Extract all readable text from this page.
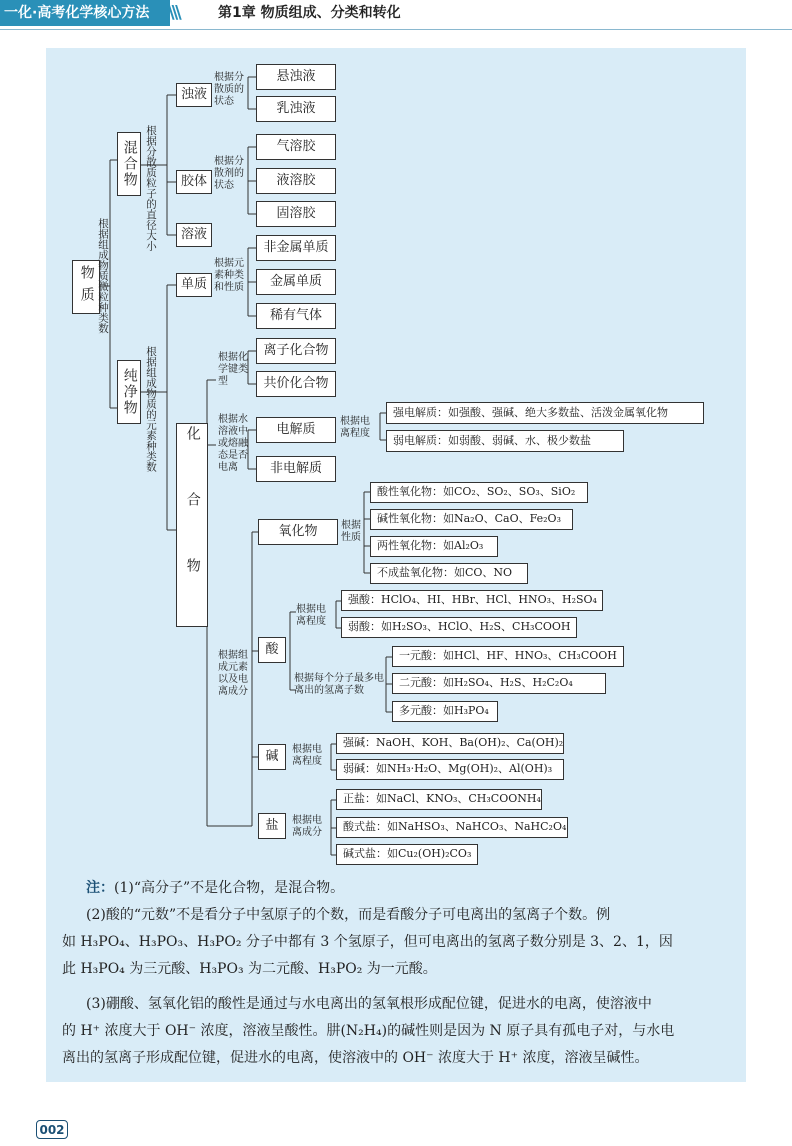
一化·高考化学核心方法	\\\	第1章 物质组成、分类和转化
物质 根据组成物质微粒种类数
混合物 根据分散质粒子的直径大小
浊液
根据分散质的状态
悬浊液
乳浊液
胶体
根据分散剂的状态
气溶胶
液溶胶
固溶胶
溶液
纯净物 根据组成物质的元素种类数
单质
根据元素种类和性质
非金属单质
金属单质
稀有气体
化合物
根据化学键类型
离子化合物
共价化合物
根据水溶液中或熔融态是否电离
电解质
非电解质
根据电离程度
强电解质：如强酸、强碱、绝大多数盐、活泼金属氧化物
弱电解质：如弱酸、弱碱、水、极少数盐
根据组成元素以及电离成分
氧化物	根据性质
酸性氧化物：如CO₂、SO₂、SO₃、SiO₂
碱性氧化物：如Na₂O、CaO、Fe₂O₃
两性氧化物：如Al₂O₃
不成盐氧化物：如CO、NO
酸
根据电离程度
强酸：HClO₄、HI、HBr、HCl、HNO₃、H₂SO₄
弱酸：如H₂SO₃、HClO、H₂S、CH₃COOH
根据每个分子最多电离出的氢离子数
一元酸：如HCl、HF、HNO₃、CH₃COOH
二元酸：如H₂SO₄、H₂S、H₂C₂O₄
多元酸：如H₃PO₄
碱	根据电离程度
强碱：NaOH、KOH、Ba(OH)₂、Ca(OH)₂
弱碱：如NH₃·H₂O、Mg(OH)₂、Al(OH)₃
盐	根据电离成分
正盐：如NaCl、KNO₃、CH₃COONH₄
酸式盐：如NaHSO₃、NaHCO₃、NaHC₂O₄
碱式盐：如Cu₂(OH)₂CO₃
注：(1)“高分子”不是化合物，是混合物。
(2)酸的“元数”不是看分子中氢原子的个数，而是看酸分子可电离出的氢离子个数。例
如 H₃PO₄、H₃PO₃、H₃PO₂ 分子中都有 3 个氢原子，但可电离出的氢离子数分别是 3、2、1，因
此 H₃PO₄ 为三元酸、H₃PO₃ 为二元酸、H₃PO₂ 为一元酸。
(3)硼酸、氢氧化铝的酸性是通过与水电离出的氢氧根形成配位键，促进水的电离，使溶液中
的 H⁺ 浓度大于 OH⁻ 浓度，溶液呈酸性。肼(N₂H₄)的碱性则是因为 N 原子具有孤电子对，与水电
离出的氢离子形成配位键，促进水的电离，使溶液中的 OH⁻ 浓度大于 H⁺ 浓度，溶液呈碱性。
002
